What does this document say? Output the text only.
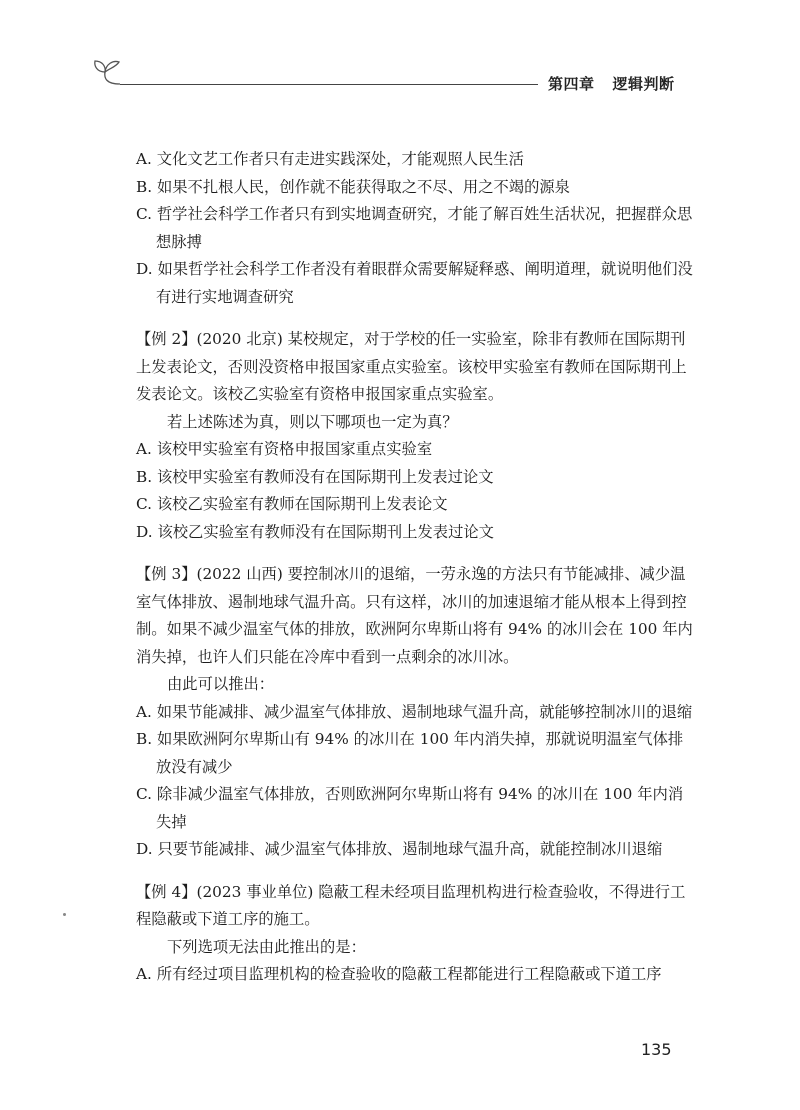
第四章 逻辑判断
A. 文化文艺工作者只有走进实践深处，才能观照人民生活
B. 如果不扎根人民，创作就不能获得取之不尽、用之不竭的源泉
C. 哲学社会科学工作者只有到实地调查研究，才能了解百姓生活状况，把握群众思想脉搏
D. 如果哲学社会科学工作者没有着眼群众需要解疑释惑、阐明道理，就说明他们没有进行实地调查研究
【例 2】(2020 北京) 某校规定，对于学校的任一实验室，除非有教师在国际期刊上发表论文，否则没资格申报国家重点实验室。该校甲实验室有教师在国际期刊上发表论文。该校乙实验室有资格申报国家重点实验室。
若上述陈述为真，则以下哪项也一定为真？
A. 该校甲实验室有资格申报国家重点实验室
B. 该校甲实验室有教师没有在国际期刊上发表过论文
C. 该校乙实验室有教师在国际期刊上发表论文
D. 该校乙实验室有教师没有在国际期刊上发表过论文
【例 3】(2022 山西) 要控制冰川的退缩，一劳永逸的方法只有节能减排、减少温室气体排放、遏制地球气温升高。只有这样，冰川的加速退缩才能从根本上得到控制。如果不减少温室气体的排放，欧洲阿尔卑斯山将有 94% 的冰川会在 100 年内消失掉，也许人们只能在冷库中看到一点剩余的冰川冰。
由此可以推出：
A. 如果节能减排、减少温室气体排放、遏制地球气温升高，就能够控制冰川的退缩
B. 如果欧洲阿尔卑斯山有 94% 的冰川在 100 年内消失掉，那就说明温室气体排放没有减少
C. 除非减少温室气体排放，否则欧洲阿尔卑斯山将有 94% 的冰川在 100 年内消失掉
D. 只要节能减排、减少温室气体排放、遏制地球气温升高，就能控制冰川退缩
【例 4】(2023 事业单位) 隐蔽工程未经项目监理机构进行检查验收，不得进行工程隐蔽或下道工序的施工。
下列选项无法由此推出的是：
A. 所有经过项目监理机构的检查验收的隐蔽工程都能进行工程隐蔽或下道工序
135
